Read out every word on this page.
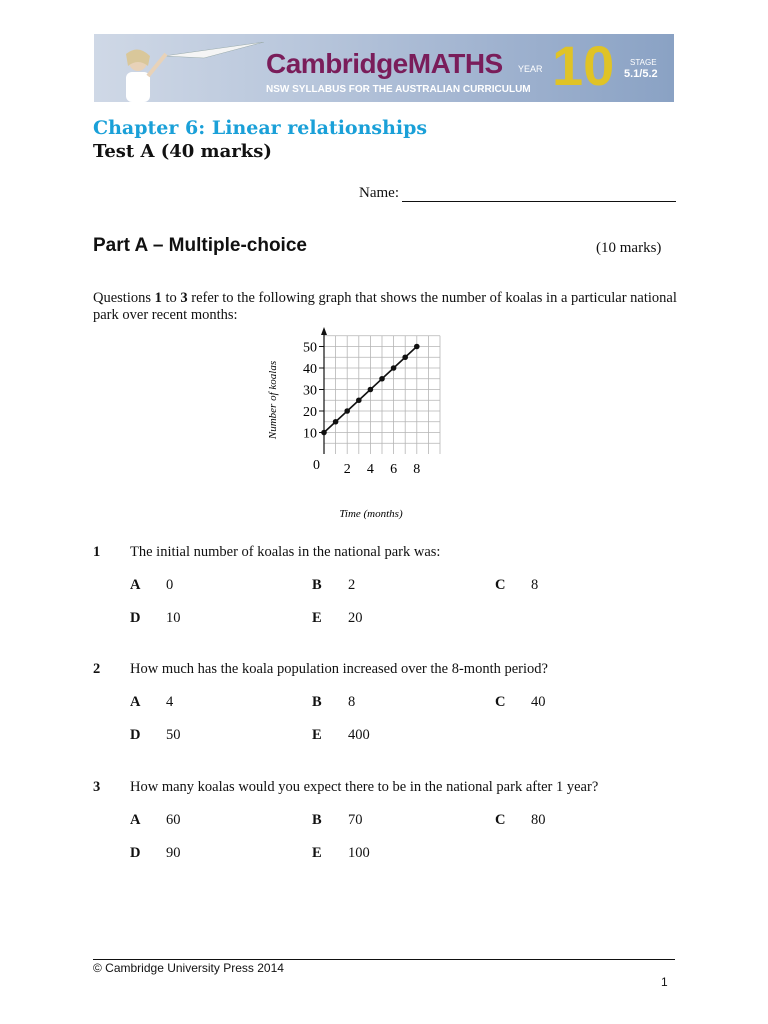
CambridgeMATHS
NSW SYLLABUS FOR THE AUSTRALIAN CURRICULUM
YEAR 10 STAGE
5.1/5.2
Chapter 6: Linear relationships
Test A (40 marks)
Name:
Part A – Multiple-choice	(10 marks)
Questions 1 to 3 refer to the following graph that shows the number of koalas in a particular national park over recent months:
10
20
30
40
50
2 4 6 8
0
Number of koalas
Time (months)
1 The initial number of koalas in the national park was:
A 0	B 2	C 8
D 10	E 20
2 How much has the koala population increased over the 8-month period?
A 4	B 8	C 40
D 50	E 400
3 How many koalas would you expect there to be in the national park after 1 year?
A 60	B 70	C 80
D 90	E 100
© Cambridge University Press 2014
1
